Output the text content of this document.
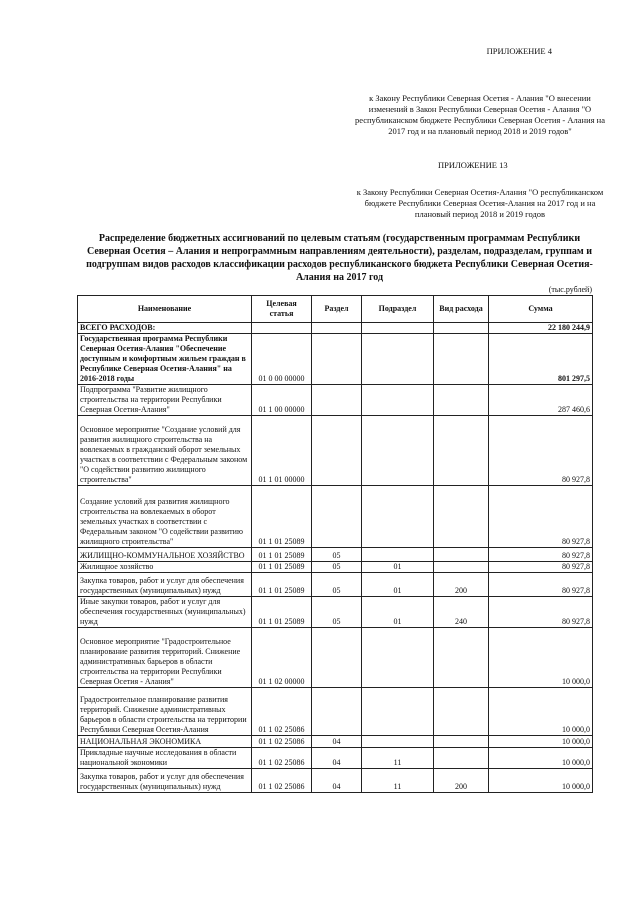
ПРИЛОЖЕНИЕ 4
к Закону Республики Северная Осетия - Алания "О внесении изменений в Закон Республики Северная Осетия - Алания "О республиканском бюджете Республики Северная Осетия - Алания на 2017 год и на плановый период 2018 и 2019 годов"
ПРИЛОЖЕНИЕ 13
к Закону Республики Северная Осетия-Алания "О республиканском бюджете Республики Северная Осетия-Алания на 2017 год и на плановый период 2018 и 2019 годов
Распределение бюджетных ассигнований по целевым статьям (государственным программам Республики Северная Осетия – Алания и непрограммным направлениям деятельности), разделам, подразделам, группам и подгруппам видов расходов классификации расходов республиканского бюджета Республики Северная Осетия-Алания на 2017 год
(тыс.рублей)
Наименование	Целевая статья	Раздел	Подраздел	Вид расхода	Сумма
ВСЕГО РАСХОДОВ:					22 180 244,9
Государственная программа Республики Северная Осетия-Алания "Обеспечение доступным и комфортным жильем граждан в Республике Северная Осетия-Алания" на 2016-2018 годы	01 0 00 00000				801 297,5
Подпрограмма "Развитие жилищного строительства на территории Республики Северная Осетия-Алания"	01 1 00 00000				287 460,6
Основное мероприятие "Создание условий для развития жилищного строительства на вовлекаемых в гражданский оборот земельных участках в соответствии с Федеральным законом "О содействии развитию жилищного строительства"	01 1 01 00000				80 927,8
Создание условий для развития жилищного строительства на вовлекаемых в оборот земельных участках в соответствии с Федеральным законом "О содействии развитию жилищного строительства"	01 1 01 25089				80 927,8
ЖИЛИЩНО-КОММУНАЛЬНОЕ ХОЗЯЙСТВО	01 1 01 25089	05			80 927,8
Жилищное хозяйство	01 1 01 25089	05	01		80 927,8
Закупка товаров, работ и услуг для обеспечения государственных (муниципальных) нужд	01 1 01 25089	05	01	200	80 927,8
Иные закупки товаров, работ и услуг для обеспечения государственных (муниципальных) нужд	01 1 01 25089	05	01	240	80 927,8
Основное мероприятие "Градостроительное планирование развития территорий. Снижение административных барьеров в области строительства на территории Республики Северная Осетия - Алания"	01 1 02 00000				10 000,0
Градостроительное планирование развития территорий. Снижение административных барьеров в области строительства на территории Республики Северная Осетия-Алания	01 1 02 25086				10 000,0
НАЦИОНАЛЬНАЯ ЭКОНОМИКА	01 1 02 25086	04			10 000,0
Прикладные научные исследования в области национальной экономики	01 1 02 25086	04	11		10 000,0
Закупка товаров, работ и услуг для обеспечения государственных (муниципальных) нужд	01 1 02 25086	04	11	200	10 000,0
